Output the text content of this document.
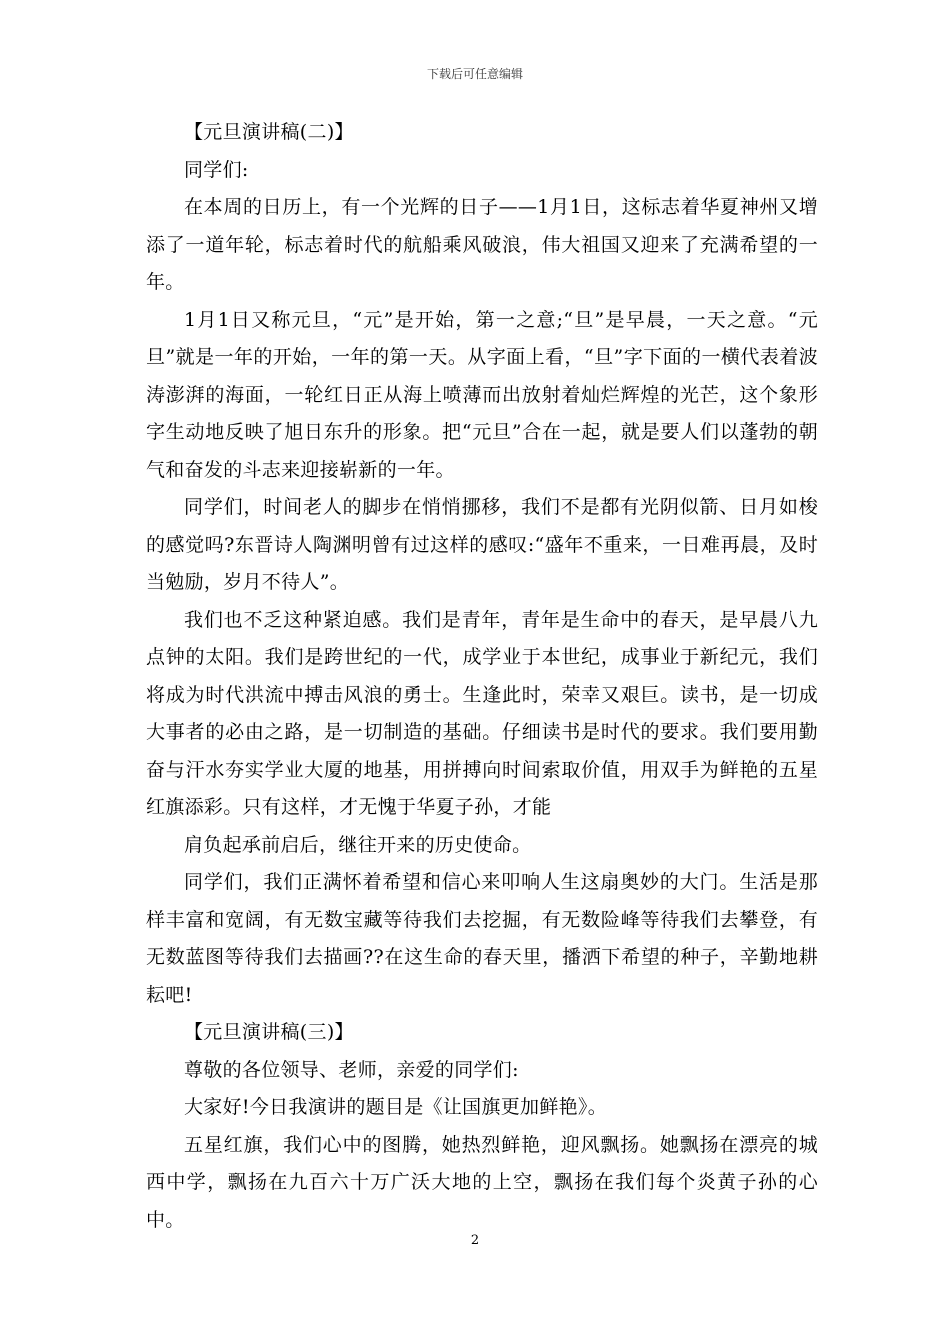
下载后可任意编辑

【元旦演讲稿(二)】

同学们:

在本周的日历上，有一个光辉的日子——1月1日，这标志着华夏神州又增添了一道年轮，标志着时代的航船乘风破浪，伟大祖国又迎来了充满希望的一年。

1月1日又称元旦，“元”是开始，第一之意;“旦”是早晨，一天之意。“元旦”就是一年的开始，一年的第一天。从字面上看，“旦”字下面的一横代表着波涛澎湃的海面，一轮红日正从海上喷薄而出放射着灿烂辉煌的光芒，这个象形字生动地反映了旭日东升的形象。把“元旦”合在一起，就是要人们以蓬勃的朝气和奋发的斗志来迎接崭新的一年。

同学们，时间老人的脚步在悄悄挪移，我们不是都有光阴似箭、日月如梭的感觉吗?东晋诗人陶渊明曾有过这样的感叹:“盛年不重来，一日难再晨，及时当勉励，岁月不待人”。

我们也不乏这种紧迫感。我们是青年，青年是生命中的春天，是早晨八九点钟的太阳。我们是跨世纪的一代，成学业于本世纪，成事业于新纪元，我们将成为时代洪流中搏击风浪的勇士。生逢此时，荣幸又艰巨。读书，是一切成大事者的必由之路，是一切制造的基础。仔细读书是时代的要求。我们要用勤奋与汗水夯实学业大厦的地基，用拼搏向时间索取价值，用双手为鲜艳的五星红旗添彩。只有这样，才无愧于华夏子孙，才能

肩负起承前启后，继往开来的历史使命。

同学们，我们正满怀着希望和信心来叩响人生这扇奥妙的大门。生活是那样丰富和宽阔，有无数宝藏等待我们去挖掘，有无数险峰等待我们去攀登，有无数蓝图等待我们去描画??在这生命的春天里，播洒下希望的种子，辛勤地耕耘吧!

【元旦演讲稿(三)】

尊敬的各位领导、老师，亲爱的同学们:

大家好!今日我演讲的题目是《让国旗更加鲜艳》。

五星红旗，我们心中的图腾，她热烈鲜艳，迎风飘扬。她飘扬在漂亮的城西中学，飘扬在九百六十万广沃大地的上空，飘扬在我们每个炎黄子孙的心中。

2
